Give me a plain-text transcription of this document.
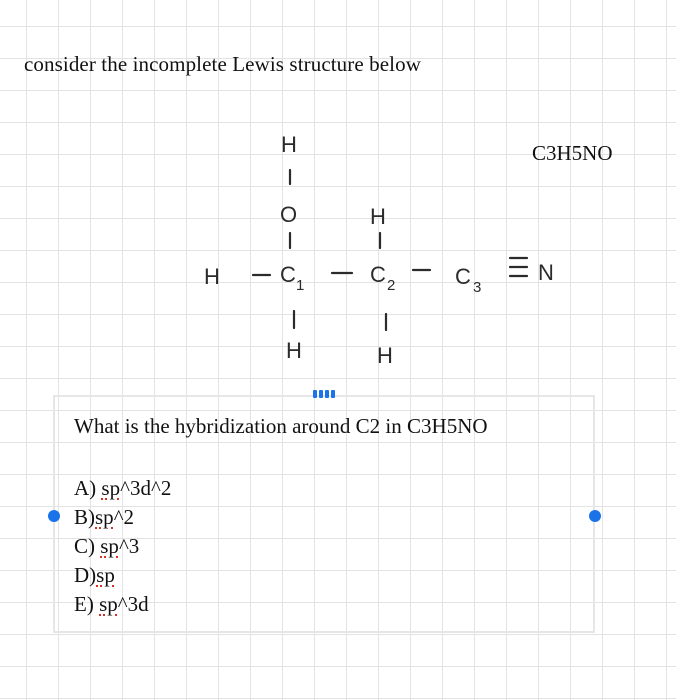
consider the incomplete Lewis structure below
C3H5NO
H
O	H
H	C 1	C 2	C 3
N
H	H
What is the hybridization around C2 in C3H5NO
A) sp^3d^2
B)sp^2
C) sp^3
D)sp
E) sp^3d
